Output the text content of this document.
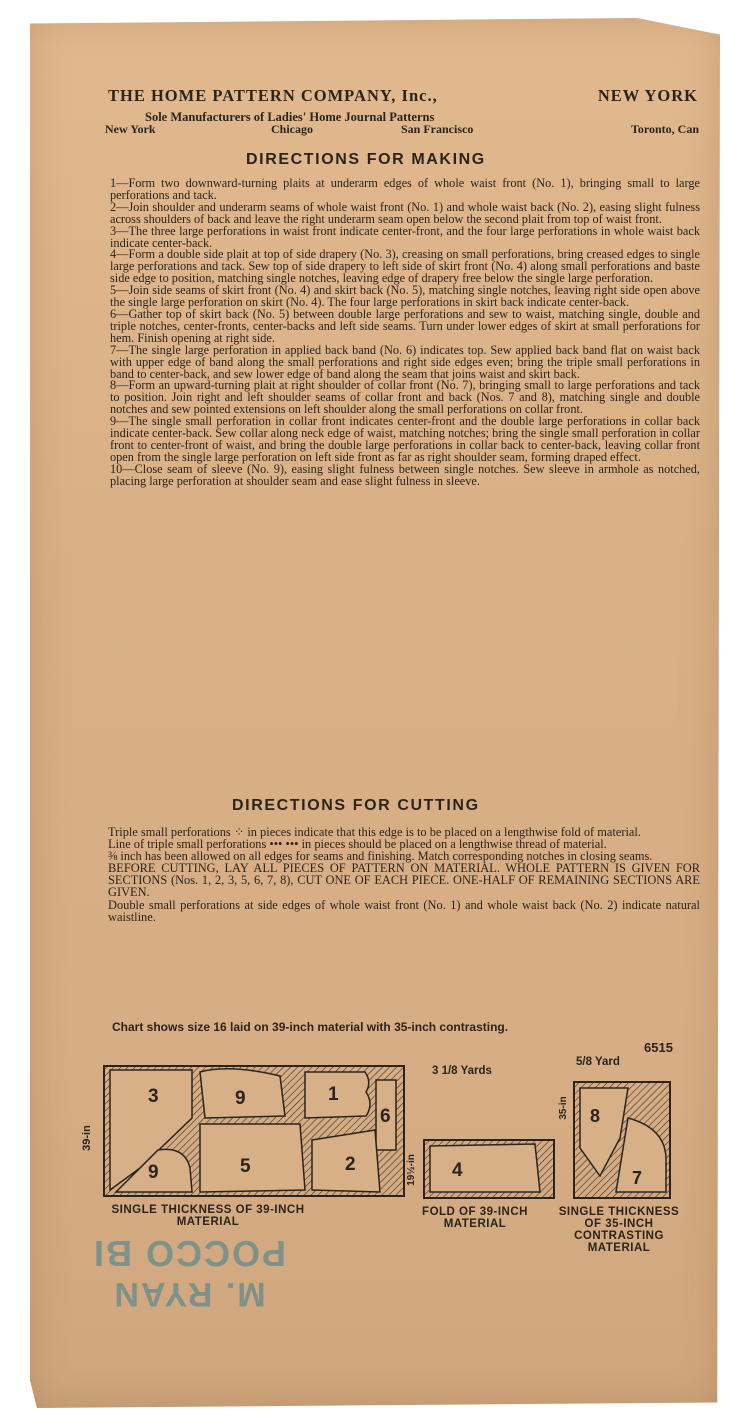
THE HOME PATTERN COMPANY, Inc.,	NEW YORK
Sole Manufacturers of Ladies' Home Journal Patterns
New York	Chicago	San Francisco	Toronto, Can
DIRECTIONS FOR MAKING

1—Form two downward-turning plaits at underarm edges of whole waist front (No. 1), bringing small to large perforations and tack.

2—Join shoulder and underarm seams of whole waist front (No. 1) and whole waist back (No. 2), easing slight fulness across shoulders of back and leave the right underarm seam open below the second plait from top of waist front.

3—The three large perforations in waist front indicate center-front, and the four large perforations in whole waist back indicate center-back.

4—Form a double side plait at top of side drapery (No. 3), creasing on small perforations, bring creased edges to single large perforations and tack. Sew top of side drapery to left side of skirt front (No. 4) along small perforations and baste side edge to position, matching single notches, leaving edge of drapery free below the single large perforation.

5—Join side seams of skirt front (No. 4) and skirt back (No. 5), matching single notches, leaving right side open above the single large perforation on skirt (No. 4). The four large perforations in skirt back indicate center-back.

6—Gather top of skirt back (No. 5) between double large perforations and sew to waist, matching single, double and triple notches, center-fronts, center-backs and left side seams. Turn under lower edges of skirt at small perforations for hem. Finish opening at right side.

7—The single large perforation in applied back band (No. 6) indicates top. Sew applied back band flat on waist back with upper edge of band along the small perforations and right side edges even; bring the triple small perforations in band to center-back, and sew lower edge of band along the seam that joins waist and skirt back.

8—Form an upward-turning plait at right shoulder of collar front (No. 7), bringing small to large perforations and tack to position. Join right and left shoulder seams of collar front and back (Nos. 7 and 8), matching single and double notches and sew pointed extensions on left shoulder along the small perforations on collar front.

9—The single small perforation in collar front indicates center-front and the double large perforations in collar back indicate center-back. Sew collar along neck edge of waist, matching notches; bring the single small perforation in collar front to center-front of waist, and bring the double large perforations in collar back to center-back, leaving collar front open from the single large perforation on left side front as far as right shoulder seam, forming draped effect.

10—Close seam of sleeve (No. 9), easing slight fulness between single notches. Sew sleeve in armhole as notched, placing large perforation at shoulder seam and ease slight fulness in sleeve.

DIRECTIONS FOR CUTTING

Triple small perforations ⁘ in pieces indicate that this edge is to be placed on a lengthwise fold of material.

Line of triple small perforations ••• ••• in pieces should be placed on a lengthwise thread of material.

⅜ inch has been allowed on all edges for seams and finishing. Match corresponding notches in closing seams.

BEFORE CUTTING, LAY ALL PIECES OF PATTERN ON MATERIAL. WHOLE PATTERN IS GIVEN FOR SECTIONS (Nos. 1, 2, 3, 5, 6, 7, 8), CUT ONE OF EACH PIECE. ONE-HALF OF REMAINING SECTIONS ARE GIVEN.

Double small perforations at side edges of whole waist front (No. 1) and whole waist back (No. 2) indicate natural waistline.

Chart shows size 16 laid on 39-inch material with 35-inch contrasting.
6515
5/8 Yard
3	9	1
6
9	5	2
39-in
3 1/8 Yards
4
19½-in
8
7
35-in
SINGLE THICKNESS OF 39-INCH MATERIAL
FOLD OF 39-INCH MATERIAL
SINGLE THICKNESS OF 35-INCH CONTRASTING MATERIAL
M. RYAN
POCCO BI
